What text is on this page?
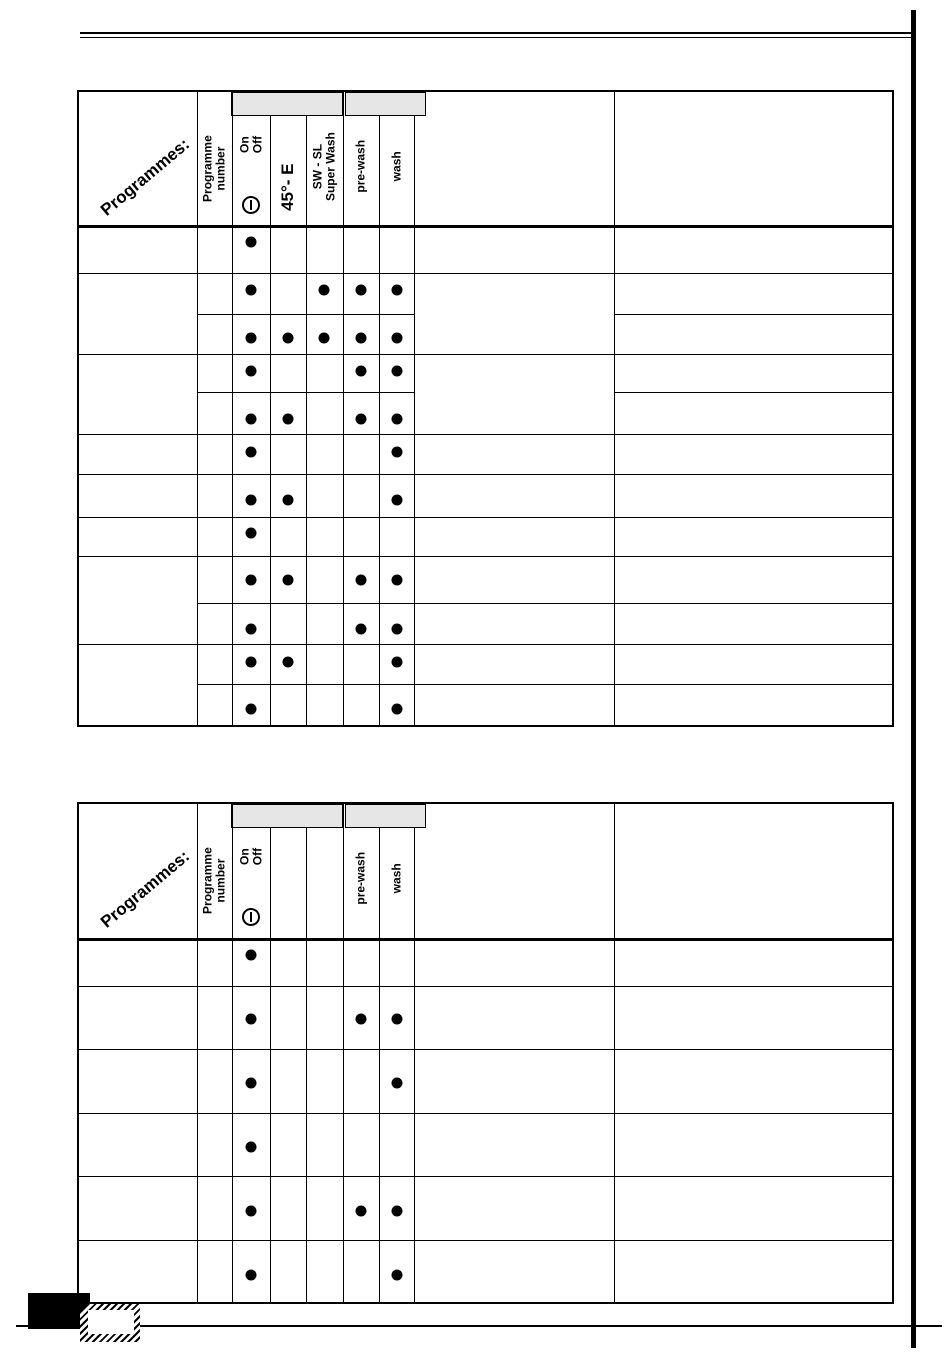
Programmes: Programme
number
On
Off
45°- E SW - SL
Super Wash pre-wash wash
Programmes: Programme
number
On
Off	pre-wash wash
